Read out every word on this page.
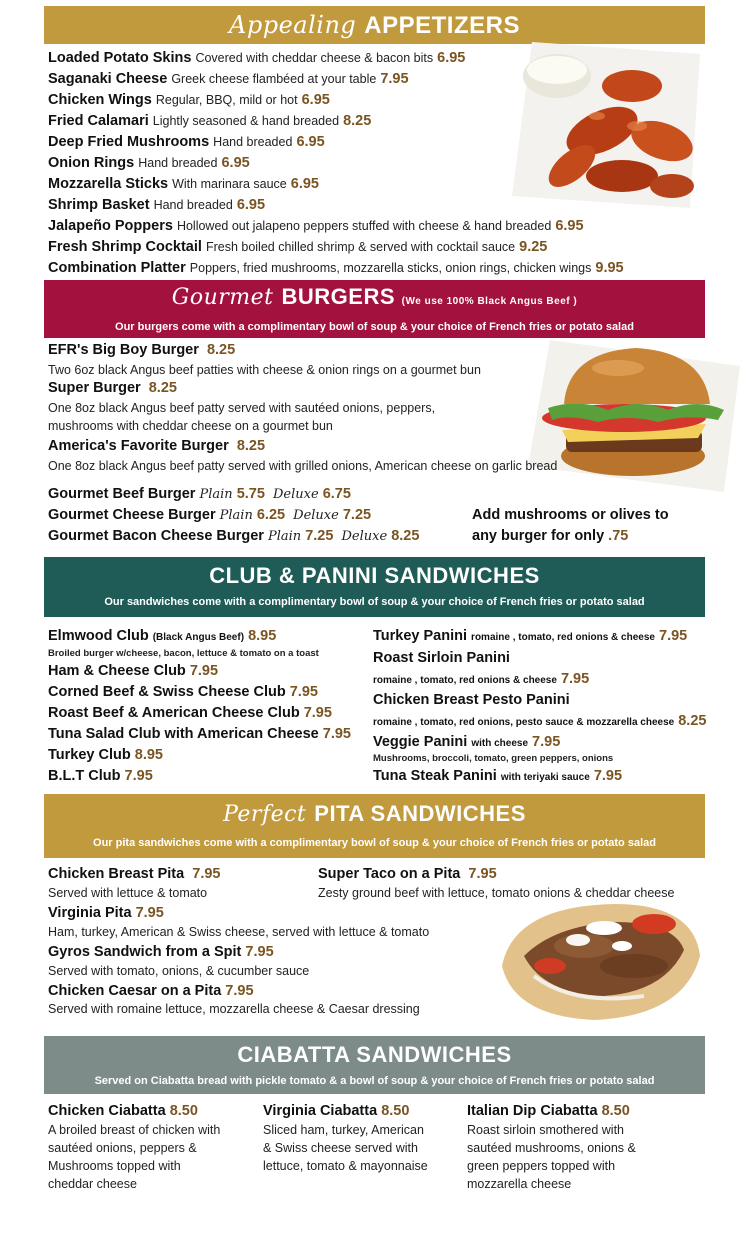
Appealing APPETIZERS
Loaded Potato Skins Covered with cheddar cheese & bacon bits 6.95
Saganaki Cheese Greek cheese flambéed at your table 7.95
Chicken Wings Regular, BBQ, mild or hot 6.95
Fried Calamari Lightly seasoned & hand breaded 8.25
Deep Fried Mushrooms Hand breaded 6.95
Onion Rings Hand breaded 6.95
Mozzarella Sticks With marinara sauce 6.95
Shrimp Basket Hand breaded 6.95
Jalapeño Poppers Hollowed out jalapeno peppers stuffed with cheese & hand breaded 6.95
Fresh Shrimp Cocktail Fresh boiled chilled shrimp & served with cocktail sauce 9.25
Combination Platter Poppers, fried mushrooms, mozzarella sticks, onion rings, chicken wings 9.95
Gourmet BURGERS (We use 100% Black Angus Beef )
Our burgers come with a complimentary bowl of soup & your choice of French fries or potato salad
EFR's Big Boy Burger 8.25
Two 6oz black Angus beef patties with cheese & onion rings on a gourmet bun
Super Burger 8.25
One 8oz black Angus beef patty served with sautéed onions, peppers,
mushrooms with cheddar cheese on a gourmet bun
America's Favorite Burger 8.25
One 8oz black Angus beef patty served with grilled onions, American cheese on garlic bread
Gourmet Beef Burger Plain 5.75 Deluxe 6.75
Gourmet Cheese Burger Plain 6.25 Deluxe 7.25
Gourmet Bacon Cheese Burger Plain 7.25 Deluxe 8.25
Add mushrooms or olives to
any burger for only .75
CLUB & PANINI SANDWICHES
Our sandwiches come with a complimentary bowl of soup & your choice of French fries or potato salad
Elmwood Club (Black Angus Beef) 8.95
Broiled burger w/cheese, bacon, lettuce & tomato on a toast
Ham & Cheese Club 7.95
Corned Beef & Swiss Cheese Club 7.95
Roast Beef & American Cheese Club 7.95
Tuna Salad Club with American Cheese 7.95
Turkey Club 8.95
B.L.T Club 7.95
Turkey Panini romaine , tomato, red onions & cheese 7.95
Roast Sirloin Panini
romaine , tomato, red onions & cheese 7.95
Chicken Breast Pesto Panini
romaine , tomato, red onions, pesto sauce & mozzarella cheese 8.25
Veggie Panini with cheese 7.95
Mushrooms, broccoli, tomato, green peppers, onions
Tuna Steak Panini with teriyaki sauce 7.95
Perfect PITA SANDWICHES
Our pita sandwiches come with a complimentary bowl of soup & your choice of French fries or potato salad
Chicken Breast Pita 7.95
Served with lettuce & tomato
Super Taco on a Pita 7.95
Zesty ground beef with lettuce, tomato onions & cheddar cheese
Virginia Pita 7.95
Ham, turkey, American & Swiss cheese, served with lettuce & tomato
Gyros Sandwich from a Spit 7.95
Served with tomato, onions, & cucumber sauce
Chicken Caesar on a Pita 7.95
Served with romaine lettuce, mozzarella cheese & Caesar dressing
CIABATTA SANDWICHES
Served on Ciabatta bread with pickle tomato & a bowl of soup & your choice of French fries or potato salad
Chicken Ciabatta 8.50
A broiled breast of chicken with
sautéed onions, peppers &
Mushrooms topped with
cheddar cheese
Virginia Ciabatta 8.50
Sliced ham, turkey, American
& Swiss cheese served with
lettuce, tomato & mayonnaise
Italian Dip Ciabatta 8.50
Roast sirloin smothered with
sautéed mushrooms, onions &
green peppers topped with
mozzarella cheese
